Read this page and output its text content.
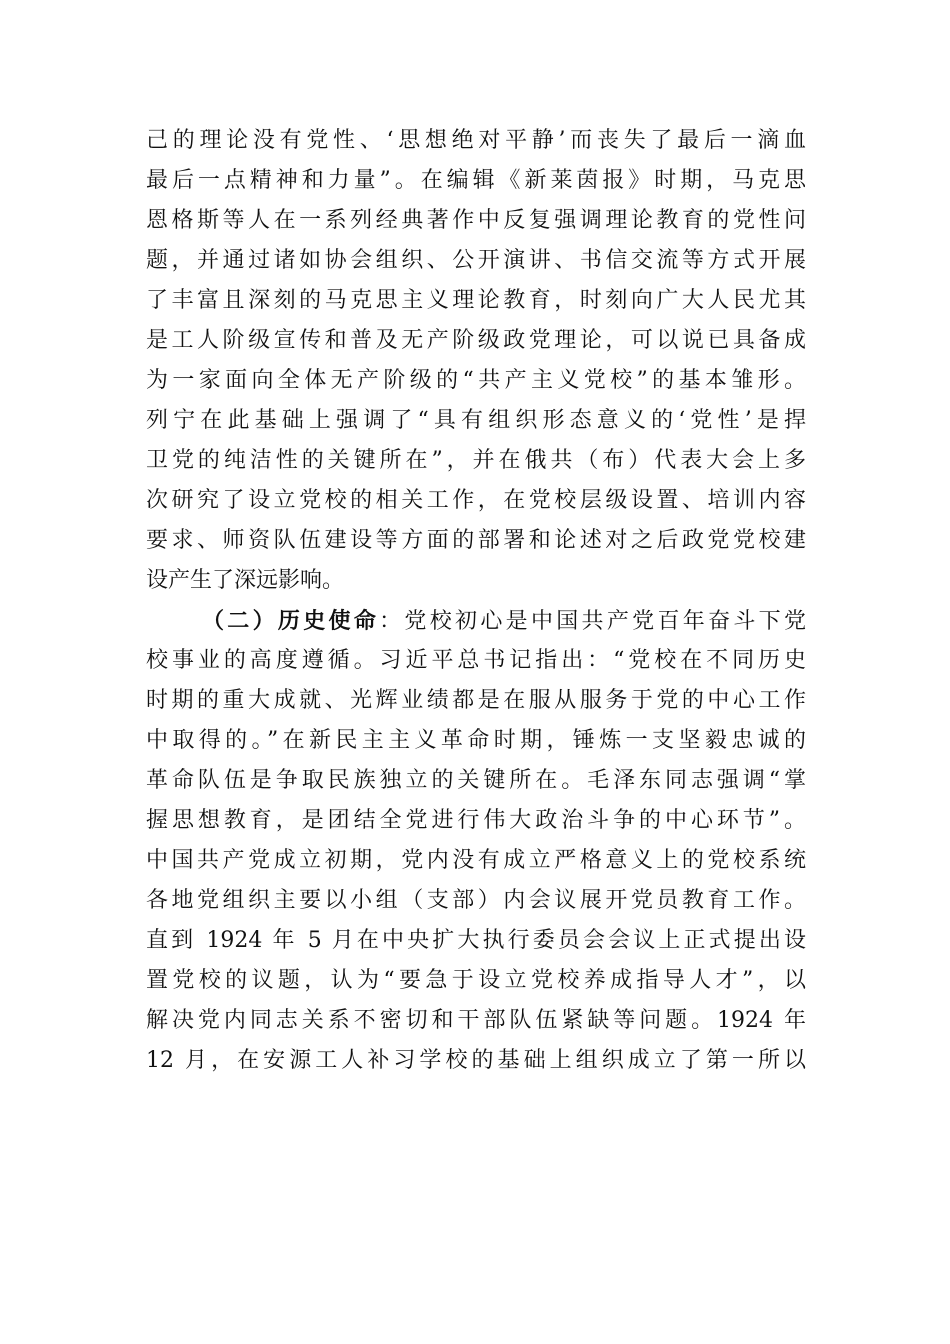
己的理论没有党性、‘思想绝对平静’而丧失了最后一滴血
最后一点精神和力量”。在编辑《新莱茵报》时期，马克思
恩格斯等人在一系列经典著作中反复强调理论教育的党性问
题，并通过诸如协会组织、公开演讲、书信交流等方式开展
了丰富且深刻的马克思主义理论教育，时刻向广大人民尤其
是工人阶级宣传和普及无产阶级政党理论，可以说已具备成
为一家面向全体无产阶级的“共产主义党校”的基本雏形。
列宁在此基础上强调了“具有组织形态意义的‘党性’是捍
卫党的纯洁性的关键所在”，并在俄共（布）代表大会上多
次研究了设立党校的相关工作，在党校层级设置、培训内容
要求、师资队伍建设等方面的部署和论述对之后政党党校建
设产生了深远影响。
（二）历史使命：党校初心是中国共产党百年奋斗下党
校事业的高度遵循。习近平总书记指出：“党校在不同历史
时期的重大成就、光辉业绩都是在服从服务于党的中心工作
中取得的。”在新民主主义革命时期，锤炼一支坚毅忠诚的
革命队伍是争取民族独立的关键所在。毛泽东同志强调“掌
握思想教育，是团结全党进行伟大政治斗争的中心环节”。
中国共产党成立初期，党内没有成立严格意义上的党校系统
各地党组织主要以小组（支部）内会议展开党员教育工作。
直到 1924 年 5 月在中央扩大执行委员会会议上正式提出设
置党校的议题，认为“要急于设立党校养成指导人才”，以
解决党内同志关系不密切和干部队伍紧缺等问题。1924 年
12 月，在安源工人补习学校的基础上组织成立了第一所以
